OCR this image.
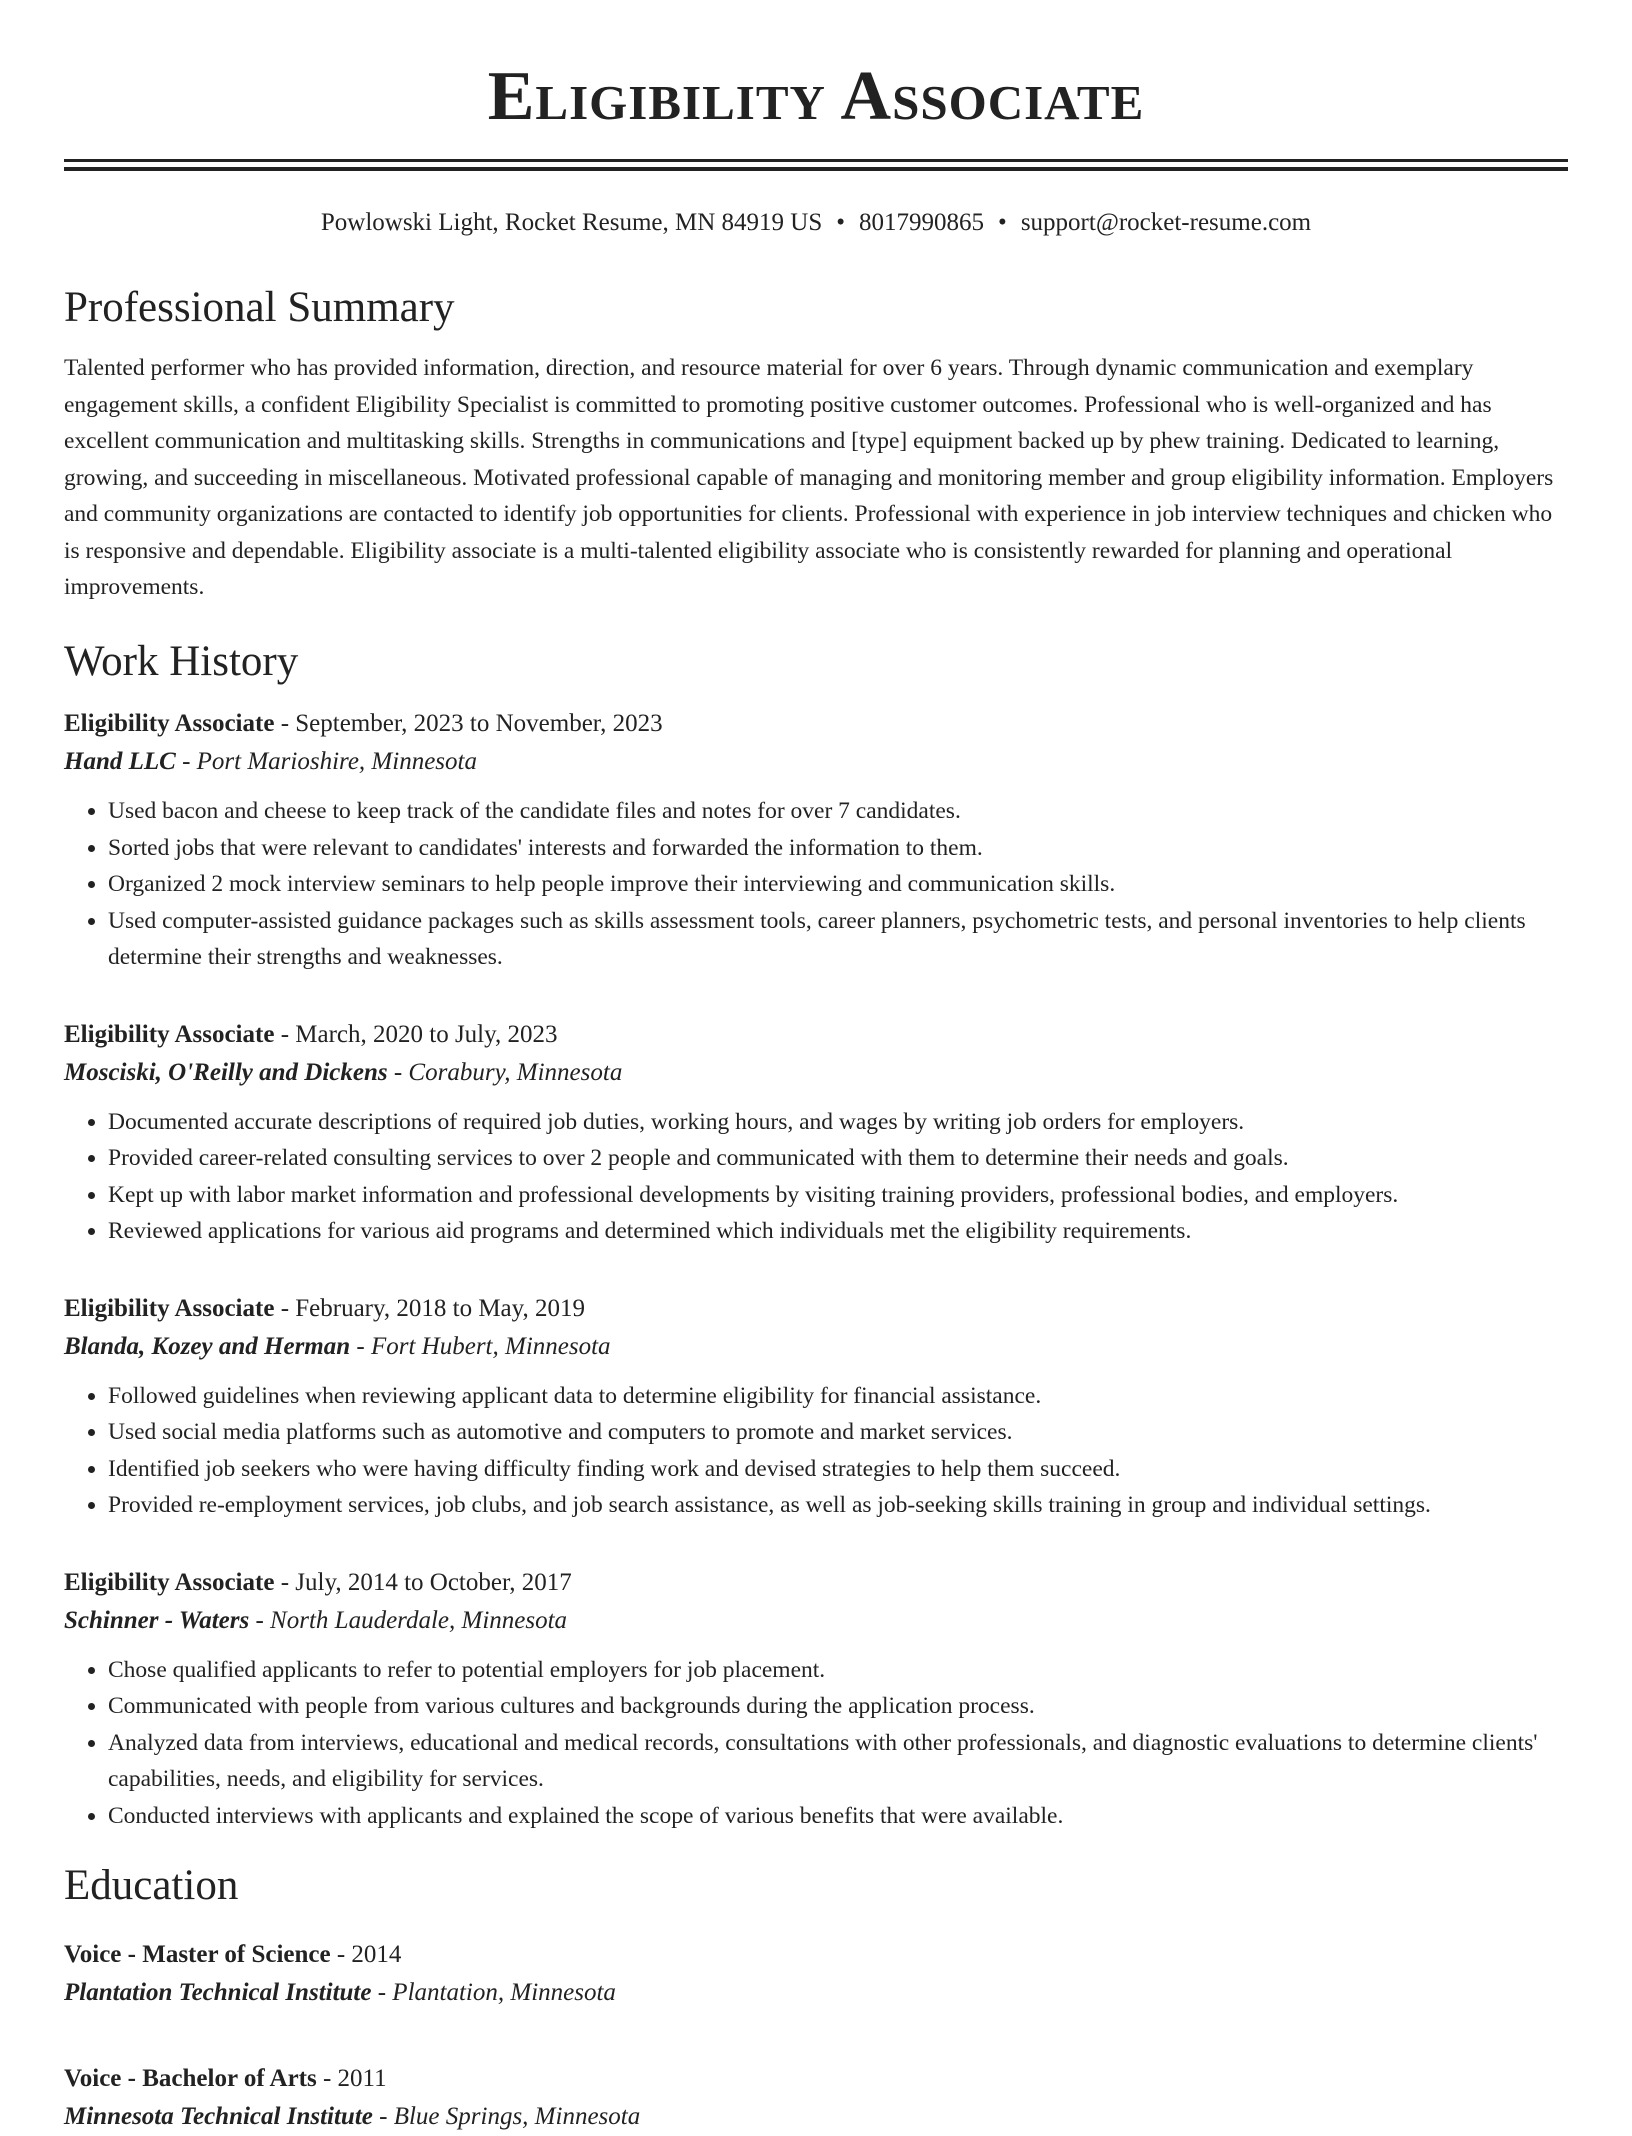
Eligibility Associate
Powlowski Light, Rocket Resume, MN 84919 US • 8017990865 • support@rocket-resume.com
Professional Summary

Talented performer who has provided information, direction, and resource material for over 6 years. Through dynamic communication and exemplary engagement skills, a confident Eligibility Specialist is committed to promoting positive customer outcomes. Professional who is well-organized and has excellent communication and multitasking skills. Strengths in communications and [type] equipment backed up by phew training. Dedicated to learning, growing, and succeeding in miscellaneous. Motivated professional capable of managing and monitoring member and group eligibility information. Employers and community organizations are contacted to identify job opportunities for clients. Professional with experience in job interview techniques and chicken who is responsive and dependable. Eligibility associate is a multi-talented eligibility associate who is consistently rewarded for planning and operational improvements.

Work History
Eligibility Associate - September, 2023 to November, 2023
Hand LLC - Port Marioshire, Minnesota
• Used bacon and cheese to keep track of the candidate files and notes for over 7 candidates.
• Sorted jobs that were relevant to candidates' interests and forwarded the information to them.
• Organized 2 mock interview seminars to help people improve their interviewing and communication skills.
• Used computer-assisted guidance packages such as skills assessment tools, career planners, psychometric tests, and personal inventories to help clients determine their strengths and weaknesses.
Eligibility Associate - March, 2020 to July, 2023
Mosciski, O'Reilly and Dickens - Corabury, Minnesota
• Documented accurate descriptions of required job duties, working hours, and wages by writing job orders for employers.
• Provided career-related consulting services to over 2 people and communicated with them to determine their needs and goals.
• Kept up with labor market information and professional developments by visiting training providers, professional bodies, and employers.
• Reviewed applications for various aid programs and determined which individuals met the eligibility requirements.
Eligibility Associate - February, 2018 to May, 2019
Blanda, Kozey and Herman - Fort Hubert, Minnesota
• Followed guidelines when reviewing applicant data to determine eligibility for financial assistance.
• Used social media platforms such as automotive and computers to promote and market services.
• Identified job seekers who were having difficulty finding work and devised strategies to help them succeed.
• Provided re-employment services, job clubs, and job search assistance, as well as job-seeking skills training in group and individual settings.
Eligibility Associate - July, 2014 to October, 2017
Schinner - Waters - North Lauderdale, Minnesota
• Chose qualified applicants to refer to potential employers for job placement.
• Communicated with people from various cultures and backgrounds during the application process.
• Analyzed data from interviews, educational and medical records, consultations with other professionals, and diagnostic evaluations to determine clients' capabilities, needs, and eligibility for services.
• Conducted interviews with applicants and explained the scope of various benefits that were available.
Education
Voice - Master of Science - 2014
Plantation Technical Institute - Plantation, Minnesota
Voice - Bachelor of Arts - 2011
Minnesota Technical Institute - Blue Springs, Minnesota
